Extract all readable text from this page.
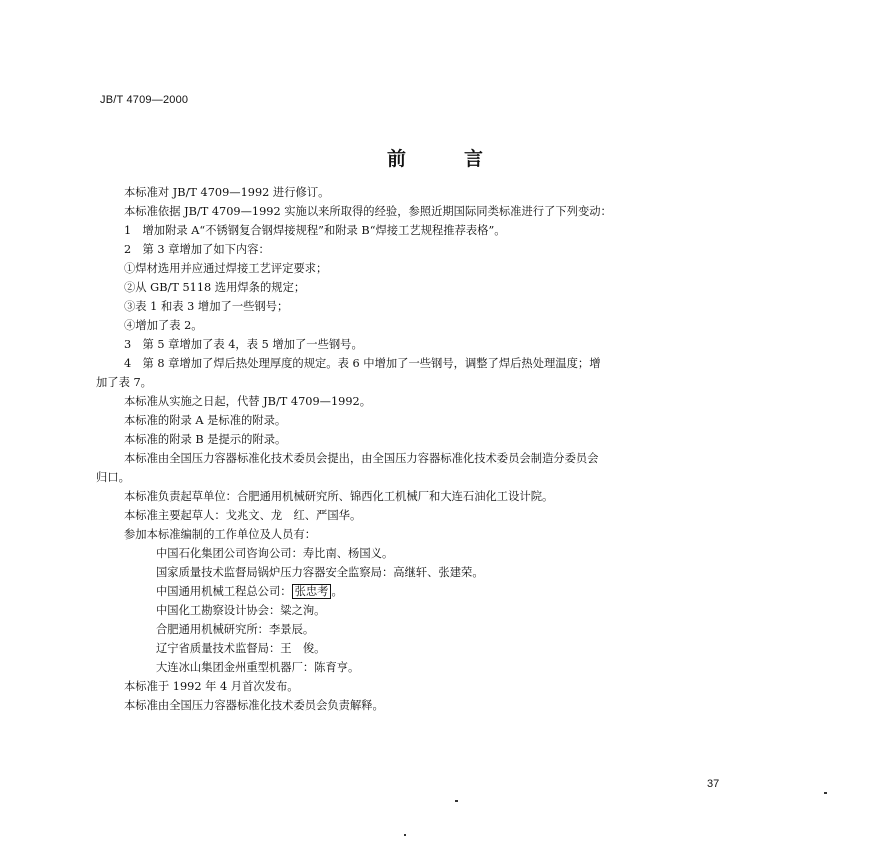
JB/T 4709—2000
前言
本标准对 JB/T 4709—1992 进行修订。
本标准依据 JB/T 4709—1992 实施以来所取得的经验，参照近期国际同类标准进行了下列变动：
1　增加附录 A“不锈钢复合钢焊接规程”和附录 B“焊接工艺规程推荐表格”。
2　第 3 章增加了如下内容：
①焊材选用并应通过焊接工艺评定要求；
②从 GB/T 5118 选用焊条的规定；
③表 1 和表 3 增加了一些钢号；
④增加了表 2。
3　第 5 章增加了表 4，表 5 增加了一些钢号。
4　第 8 章增加了焊后热处理厚度的规定。表 6 中增加了一些钢号，调整了焊后热处理温度；增
加了表 7。
本标准从实施之日起，代替 JB/T 4709—1992。
本标准的附录 A 是标准的附录。
本标准的附录 B 是提示的附录。
本标准由全国压力容器标准化技术委员会提出，由全国压力容器标准化技术委员会制造分委员会
归口。
本标准负责起草单位：合肥通用机械研究所、锦西化工机械厂和大连石油化工设计院。
本标准主要起草人：戈兆文、龙　红、严国华。
参加本标准编制的工作单位及人员有：
中国石化集团公司咨询公司：寿比南、杨国义。
国家质量技术监督局锅炉压力容器安全监察局：高继轩、张建荣。
中国通用机械工程总公司： 张忠考 。
中国化工勘察设计协会：粱之洵。
合肥通用机械研究所：李景辰。
辽宁省质量技术监督局：王　俊。
大连冰山集团金州重型机器厂：陈育亨。
本标准于 1992 年 4 月首次发布。
本标准由全国压力容器标准化技术委员会负责解释。
37
